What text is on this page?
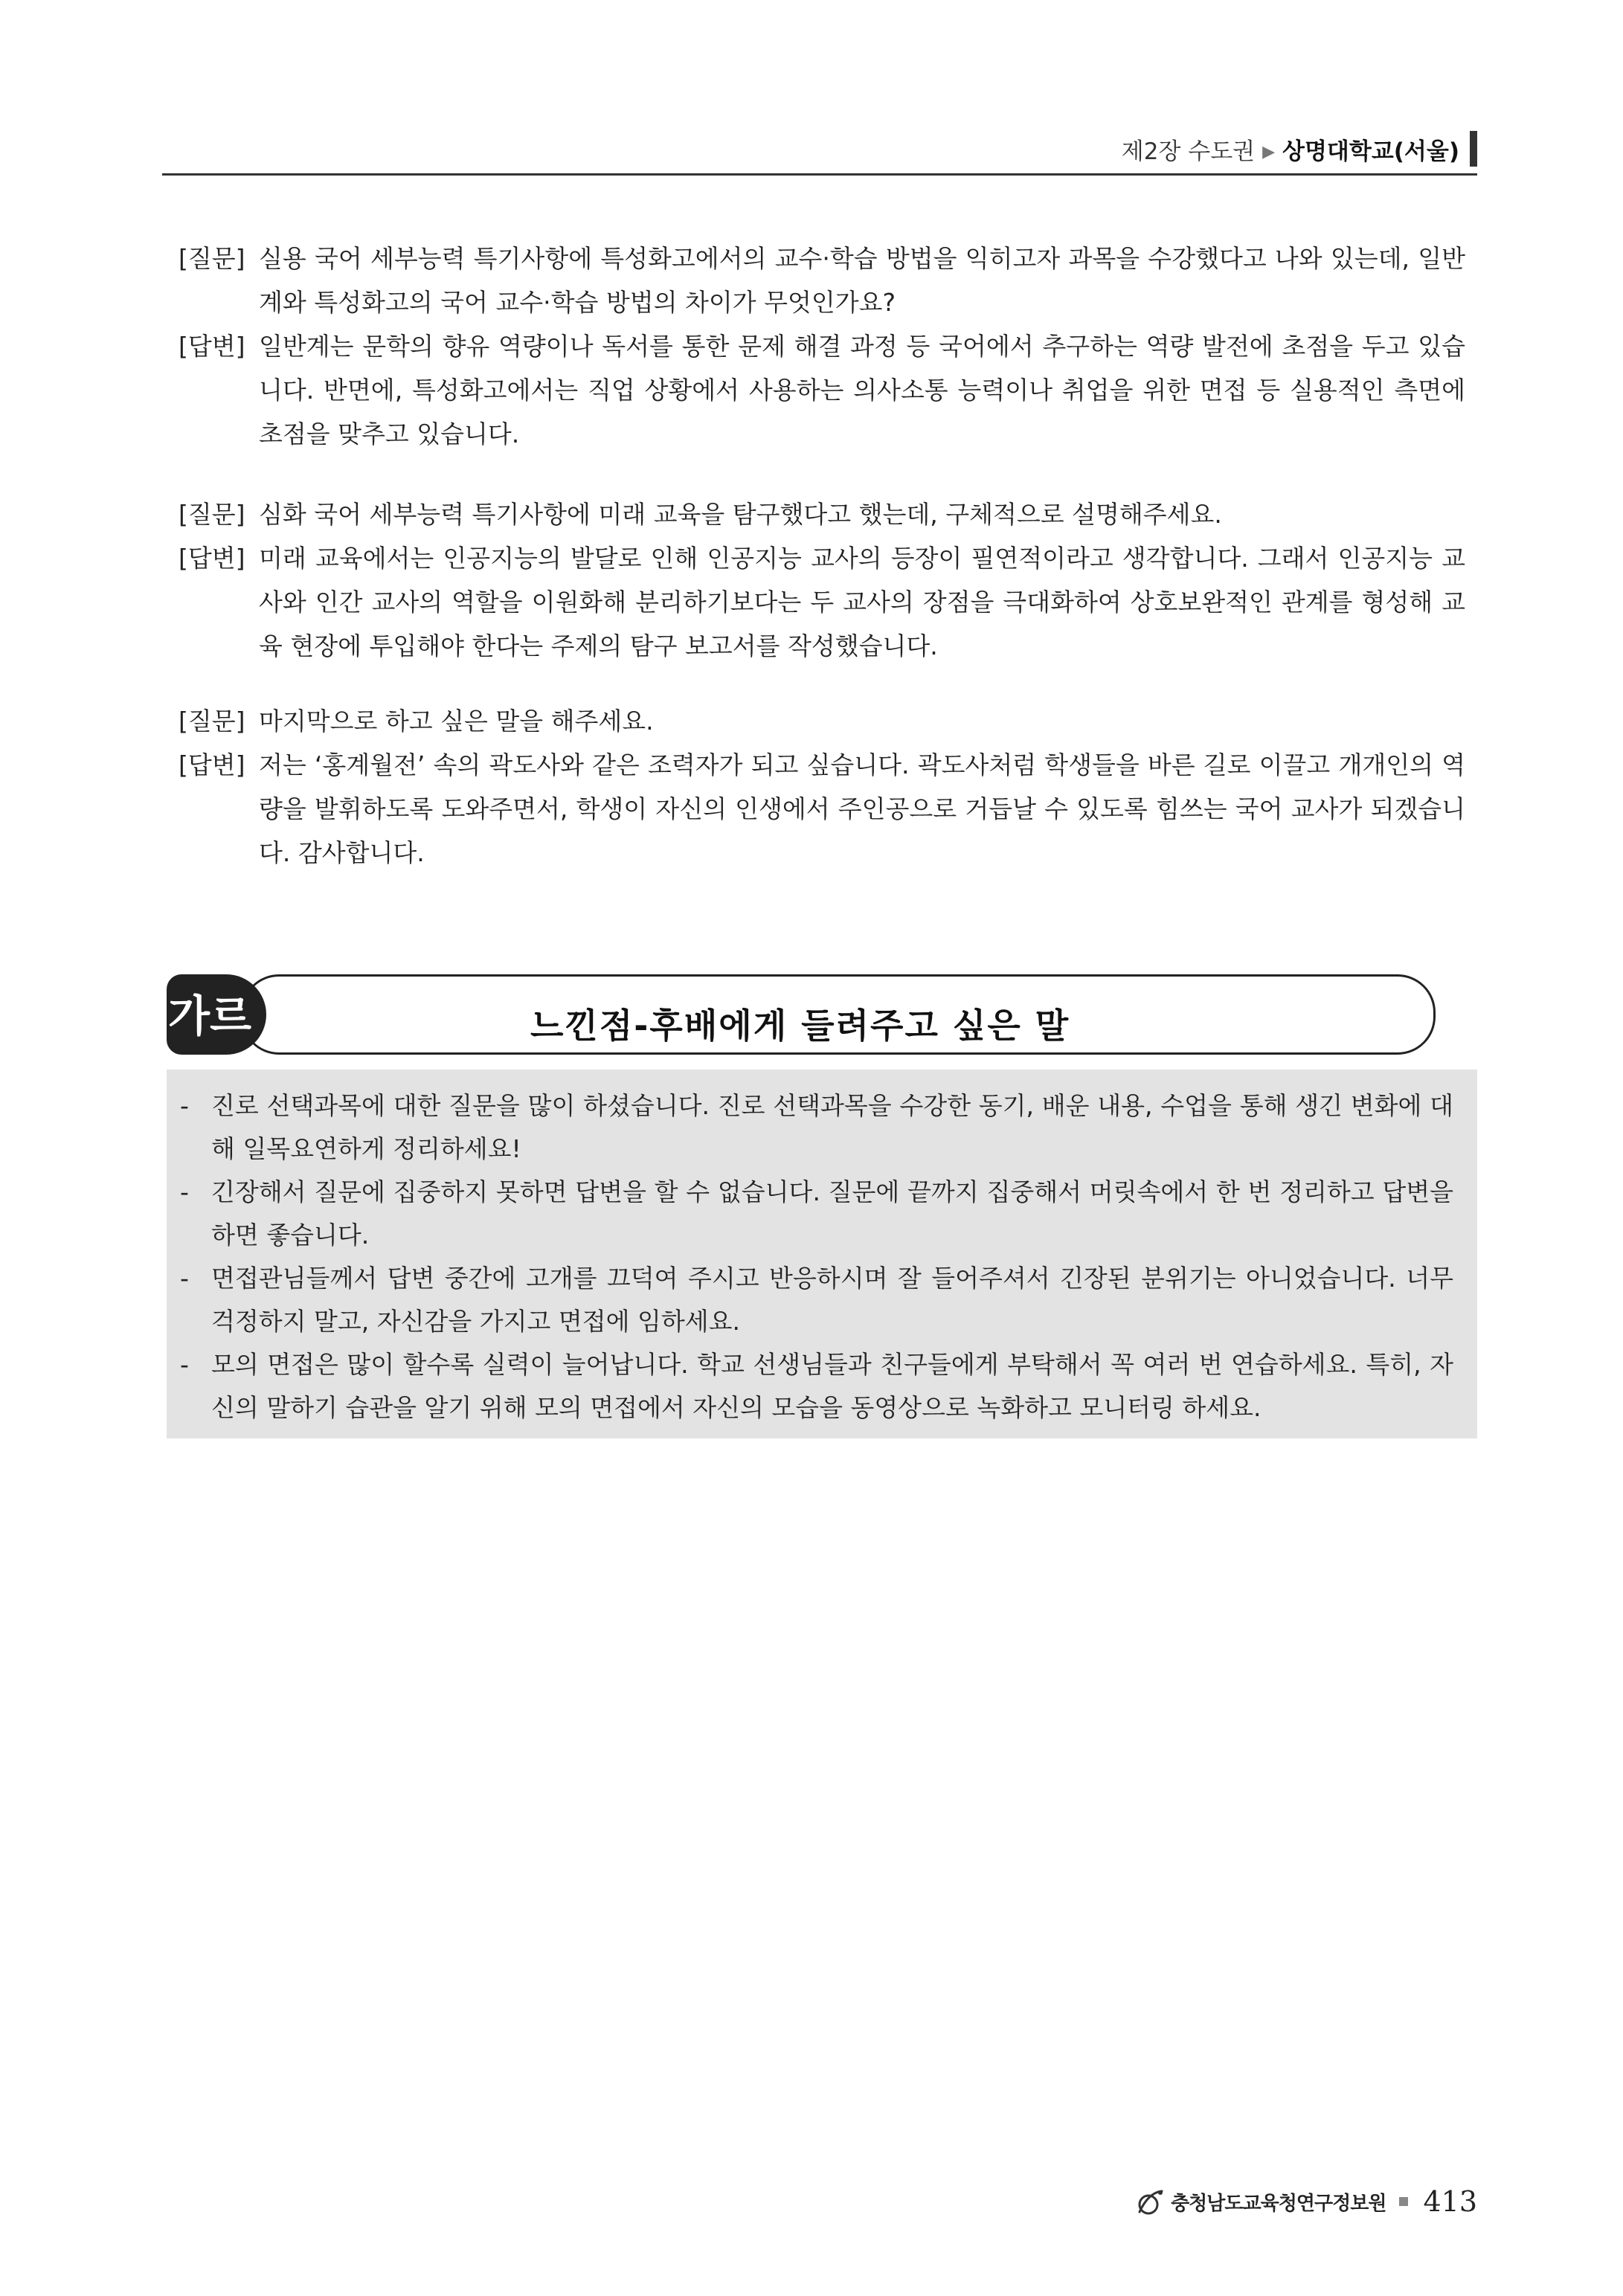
제2장 수도권 ▶ 상명대학교(서울)
[질문] 실용 국어 세부능력 특기사항에 특성화고에서의 교수·학습 방법을 익히고자 과목을 수강했다고 나와 있는데, 일반계와 특성화고의 국어 교수·학습 방법의 차이가 무엇인가요?
[답변] 일반계는 문학의 향유 역량이나 독서를 통한 문제 해결 과정 등 국어에서 추구하는 역량 발전에 초점을 두고 있습니다. 반면에, 특성화고에서는 직업 상황에서 사용하는 의사소통 능력이나 취업을 위한 면접 등 실용적인 측면에 초점을 맞추고 있습니다.
[질문] 심화 국어 세부능력 특기사항에 미래 교육을 탐구했다고 했는데, 구체적으로 설명해주세요.
[답변] 미래 교육에서는 인공지능의 발달로 인해 인공지능 교사의 등장이 필연적이라고 생각합니다. 그래서 인공지능 교사와 인간 교사의 역할을 이원화해 분리하기보다는 두 교사의 장점을 극대화하여 상호보완적인 관계를 형성해 교육 현장에 투입해야 한다는 주제의 탐구 보고서를 작성했습니다.
[질문] 마지막으로 하고 싶은 말을 해주세요.
[답변] 저는 ‘홍계월전’ 속의 곽도사와 같은 조력자가 되고 싶습니다. 곽도사처럼 학생들을 바른 길로 이끌고 개개인의 역량을 발휘하도록 도와주면서, 학생이 자신의 인생에서 주인공으로 거듭날 수 있도록 힘쓰는 국어 교사가 되겠습니다. 감사합니다.
느낀점-후배에게 들려주고 싶은 말
가르
- 진로 선택과목에 대한 질문을 많이 하셨습니다. 진로 선택과목을 수강한 동기, 배운 내용, 수업을 통해 생긴 변화에 대해 일목요연하게 정리하세요!
- 긴장해서 질문에 집중하지 못하면 답변을 할 수 없습니다. 질문에 끝까지 집중해서 머릿속에서 한 번 정리하고 답변을 하면 좋습니다.
- 면접관님들께서 답변 중간에 고개를 끄덕여 주시고 반응하시며 잘 들어주셔서 긴장된 분위기는 아니었습니다. 너무 걱정하지 말고, 자신감을 가지고 면접에 임하세요.
- 모의 면접은 많이 할수록 실력이 늘어납니다. 학교 선생님들과 친구들에게 부탁해서 꼭 여러 번 연습하세요. 특히, 자신의 말하기 습관을 알기 위해 모의 면접에서 자신의 모습을 동영상으로 녹화하고 모니터링 하세요.
충청남도교육청연구정보원 413
